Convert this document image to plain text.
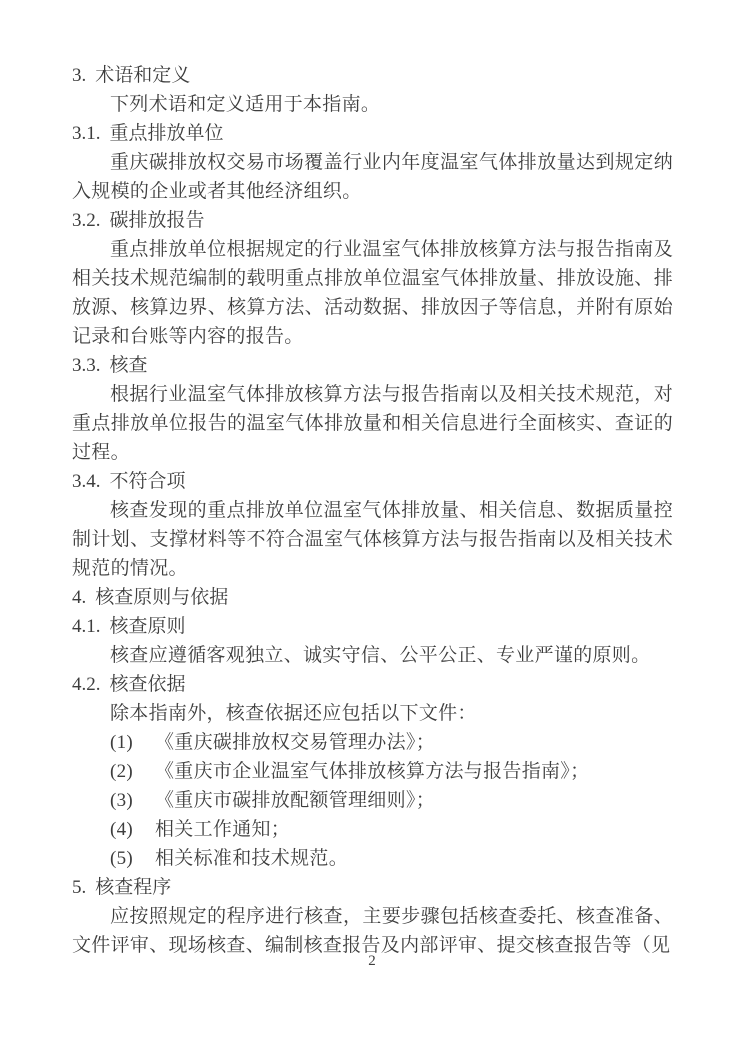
3. 术语和定义
下列术语和定义适用于本指南。
3.1. 重点排放单位
重庆碳排放权交易市场覆盖行业内年度温室气体排放量达到规定纳入规模的企业或者其他经济组织。
3.2. 碳排放报告
重点排放单位根据规定的行业温室气体排放核算方法与报告指南及相关技术规范编制的载明重点排放单位温室气体排放量、排放设施、排放源、核算边界、核算方法、活动数据、排放因子等信息，并附有原始记录和台账等内容的报告。
3.3. 核查
根据行业温室气体排放核算方法与报告指南以及相关技术规范，对重点排放单位报告的温室气体排放量和相关信息进行全面核实、查证的过程。
3.4. 不符合项
核查发现的重点排放单位温室气体排放量、相关信息、数据质量控制计划、支撑材料等不符合温室气体核算方法与报告指南以及相关技术规范的情况。
4. 核查原则与依据
4.1. 核查原则
核查应遵循客观独立、诚实守信、公平公正、专业严谨的原则。
4.2. 核查依据
除本指南外，核查依据还应包括以下文件：
(1)	《重庆碳排放权交易管理办法》；
(2)	《重庆市企业温室气体排放核算方法与报告指南》；
(3)	《重庆市碳排放配额管理细则》；
(4)	相关工作通知；
(5)	相关标准和技术规范。
5. 核查程序
应按照规定的程序进行核查，主要步骤包括核查委托、核查准备、文件评审、现场核查、编制核查报告及内部评审、提交核查报告等（见
2
